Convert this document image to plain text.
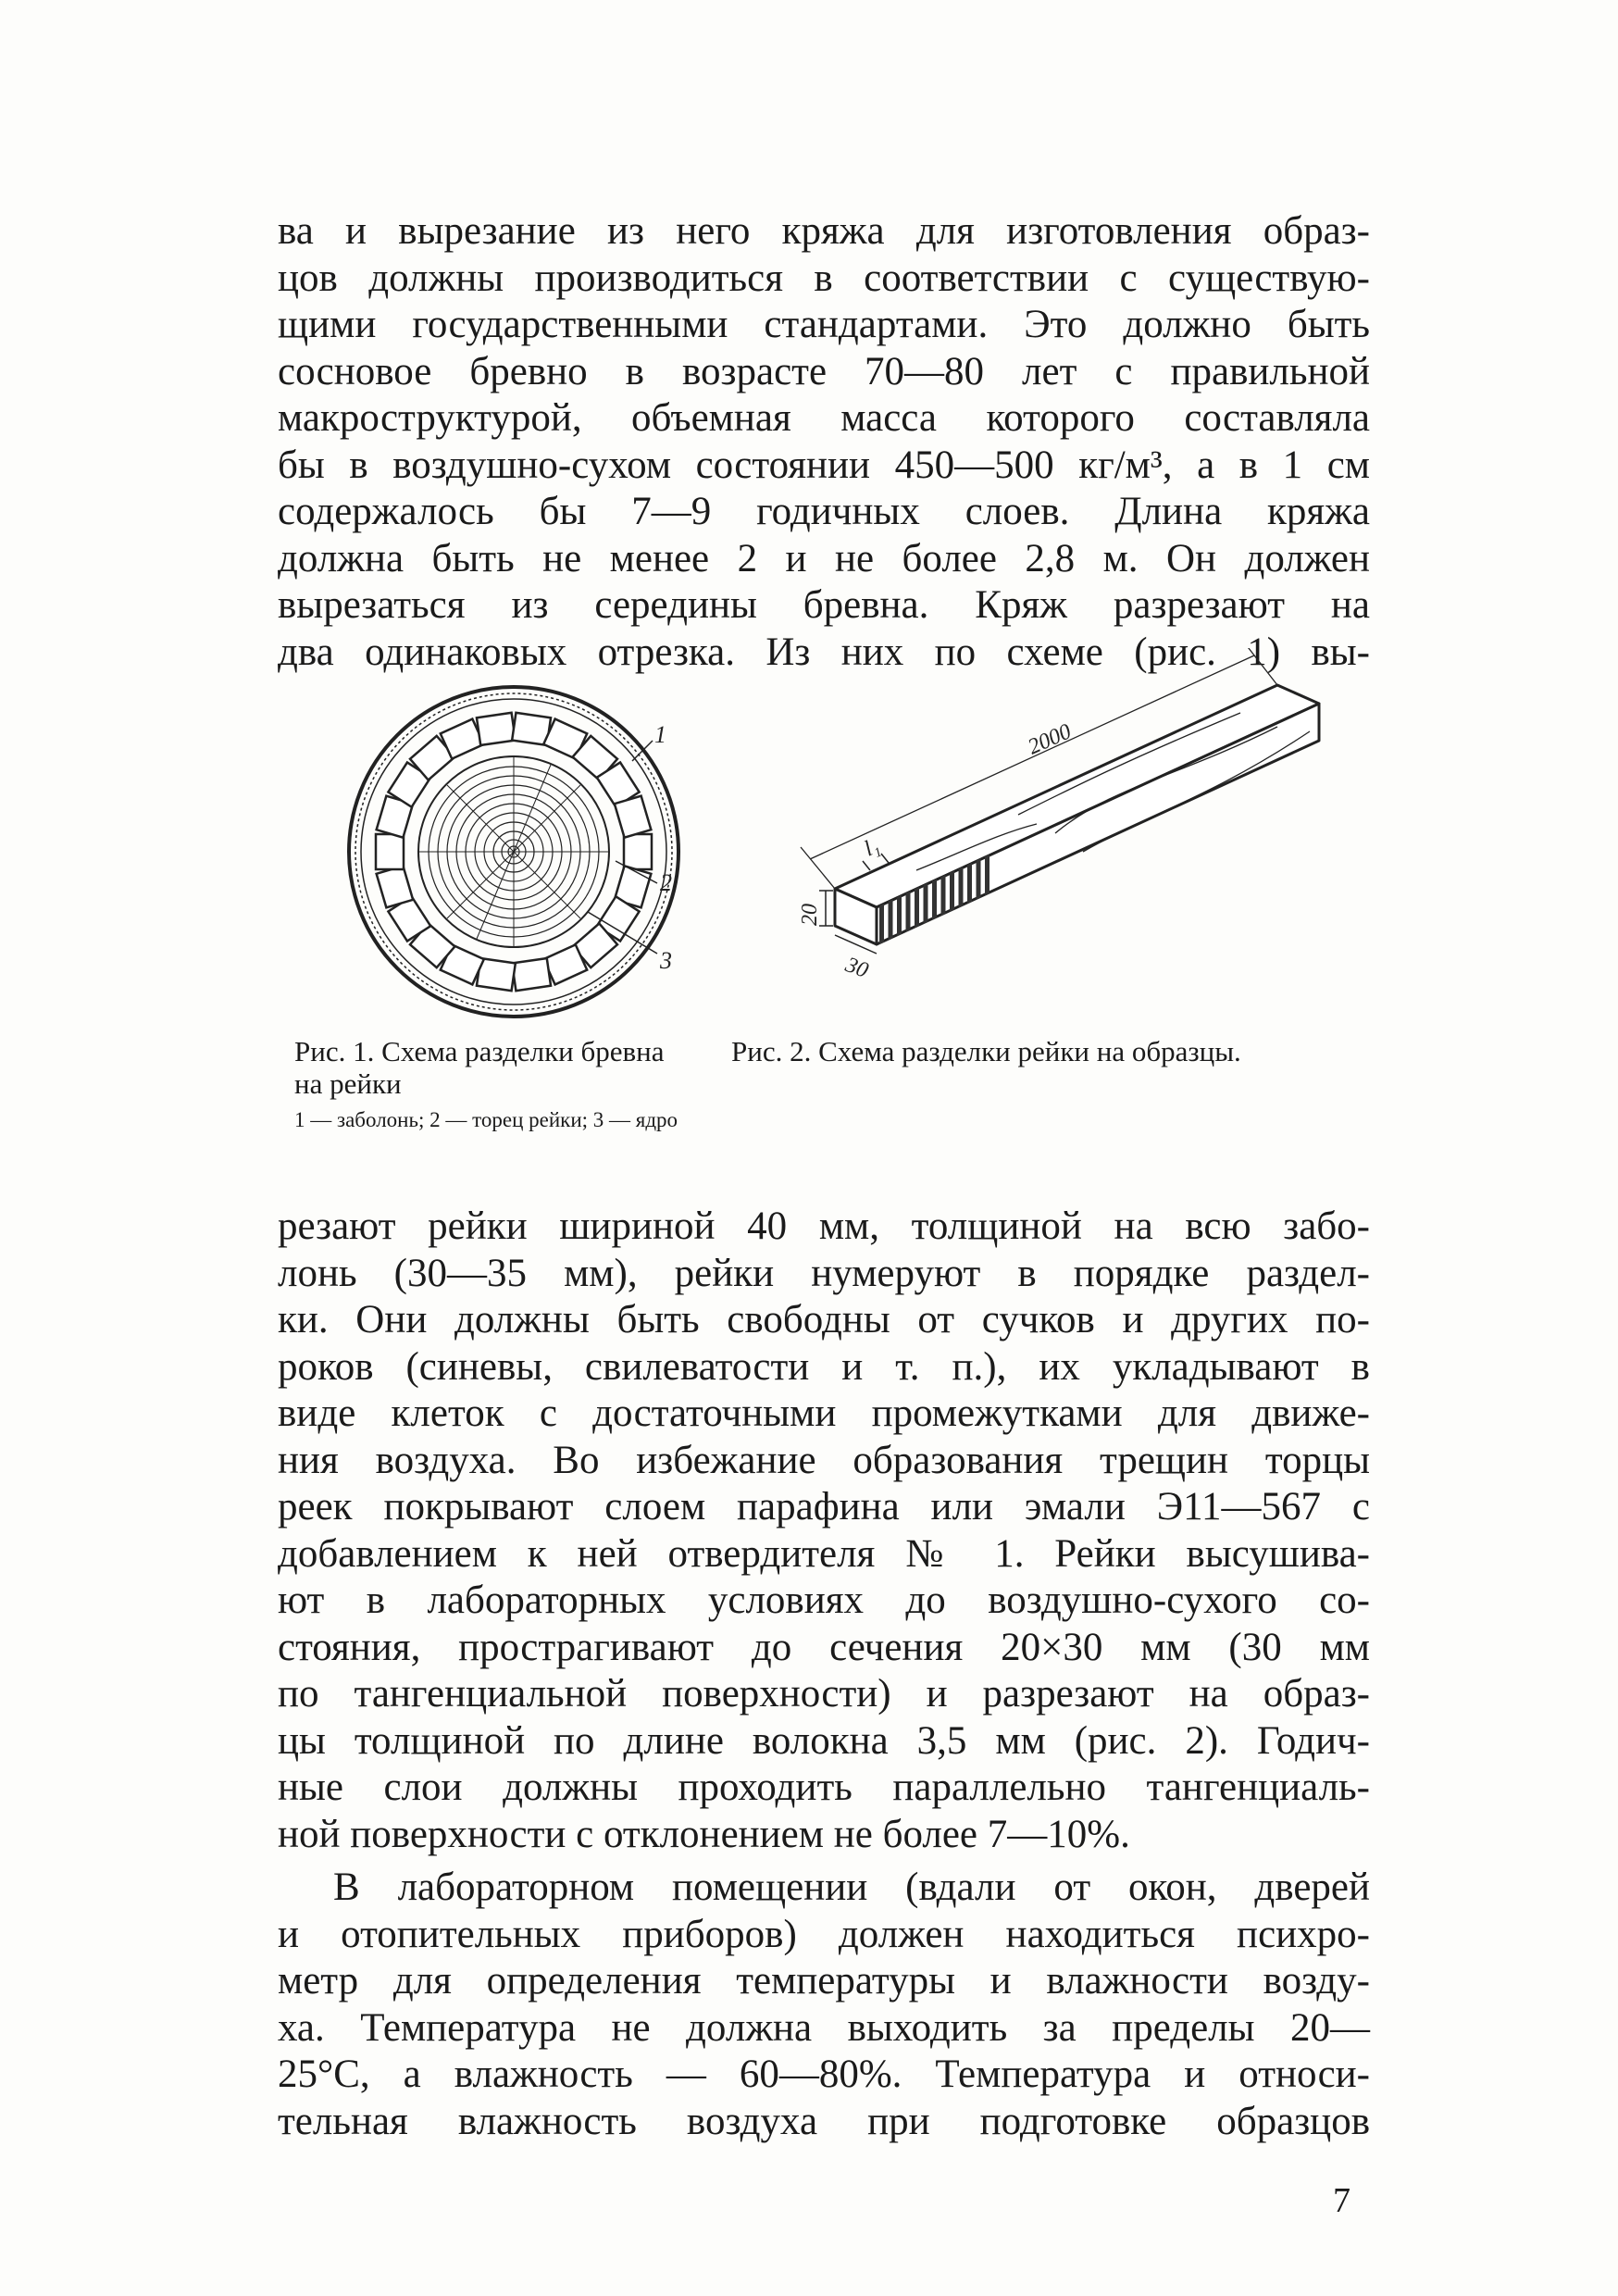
ва и вырезание из него кряжа для изготовления образ-
цов должны производиться в соответствии с существую-
щими государственными стандартами. Это должно быть
сосновое бревно в возрасте 70—80 лет с правильной
макроструктурой, объемная масса которого составляла
бы в воздушно-сухом состоянии 450—500 кг/м³, а в 1 см
содержалось бы 7—9 годичных слоев. Длина кряжа
должна быть не менее 2 и не более 2,8 м. Он должен
вырезаться из середины бревна. Кряж разрезают на
два одинаковых отрезка. Из них по схеме (рис. 1) вы-
1
2
3
2000
l₁
20
30
Рис. 1. Схема разделки бревна на рейки
1 — заболонь; 2 — торец рейки; 3 — ядро
Рис. 2. Схема разделки рейки на образцы.
резают рейки шириной 40 мм, толщиной на всю забо-
лонь (30—35 мм), рейки нумеруют в порядке раздел-
ки. Они должны быть свободны от сучков и других по-
роков (синевы, свилеватости и т. п.), их укладывают в
виде клеток с достаточными промежутками для движе-
ния воздуха. Во избежание образования трещин торцы
реек покрывают слоем парафина или эмали Э11—567 с
добавлением к ней отвердителя № 1. Рейки высушива-
ют в лабораторных условиях до воздушно-сухого со-
стояния, прострагивают до сечения 20×30 мм (30 мм
по тангенциальной поверхности) и разрезают на образ-
цы толщиной по длине волокна 3,5 мм (рис. 2). Годич-
ные слои должны проходить параллельно тангенциаль-
ной поверхности с отклонением не более 7—10%.
В лабораторном помещении (вдали от окон, дверей
и отопительных приборов) должен находиться психро-
метр для определения температуры и влажности возду-
ха. Температура не должна выходить за пределы 20—
25°С, а влажность — 60—80%. Температура и относи-
тельная влажность воздуха при подготовке образцов
7
